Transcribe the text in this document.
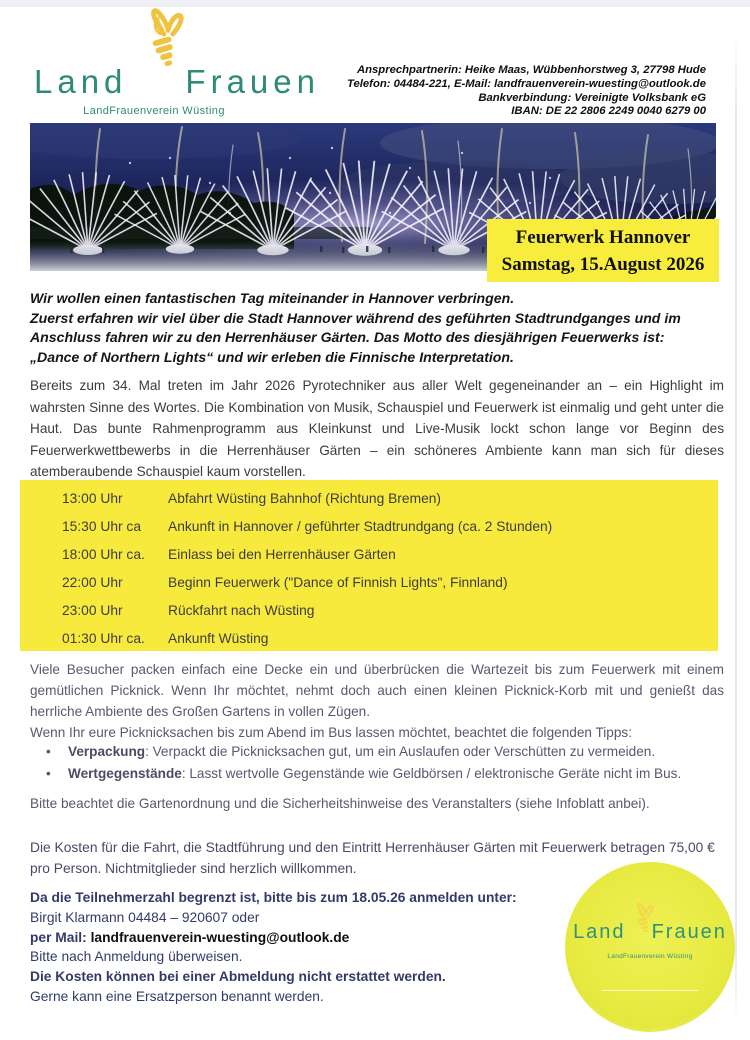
Land Frauen
LandFrauenverein Wüsting
Ansprechpartnerin: Heike Maas, Wübbenhorstweg 3, 27798 Hude
Telefon: 04484-221, E-Mail: landfrauenverein-wuesting@outlook.de
Bankverbindung: Vereinigte Volksbank eG
IBAN: DE 22 2806 2249 0040 6279 00
Feuerwerk Hannover
Samstag, 15.August 2026
Wir wollen einen fantastischen Tag miteinander in Hannover verbringen.
Zuerst erfahren wir viel über die Stadt Hannover während des geführten Stadtrundganges und im
Anschluss fahren wir zu den Herrenhäuser Gärten. Das Motto des diesjährigen Feuerwerks ist:
„Dance of Northern Lights“ und wir erleben die Finnische Interpretation.

Bereits zum 34. Mal treten im Jahr 2026 Pyrotechniker aus aller Welt gegeneinander an – ein Highlight im wahrsten Sinne des Wortes. Die Kombination von Musik, Schauspiel und Feuerwerk ist einmalig und geht unter die Haut. Das bunte Rahmenprogramm aus Kleinkunst und Live-Musik lockt schon lange vor Beginn des Feuerwerkwettbewerbs in die Herrenhäuser Gärten – ein schöneres Ambiente kann man sich für dieses atemberaubende Schauspiel kaum vorstellen.

13:00 Uhr	Abfahrt Wüsting Bahnhof (Richtung Bremen)
15:30 Uhr ca	Ankunft in Hannover / geführter Stadtrundgang (ca. 2 Stunden)
18:00 Uhr ca.	Einlass bei den Herrenhäuser Gärten
22:00 Uhr	Beginn Feuerwerk ("Dance of Finnish Lights", Finnland)
23:00 Uhr	Rückfahrt nach Wüsting
01:30 Uhr ca.	Ankunft Wüsting

Viele Besucher packen einfach eine Decke ein und überbrücken die Wartezeit bis zum Feuerwerk mit einem gemütlichen Picknick. Wenn Ihr möchtet, nehmt doch auch einen kleinen Picknick-Korb mit und genießt das herrliche Ambiente des Großen Gartens in vollen Zügen.

Wenn Ihr eure Picknicksachen bis zum Abend im Bus lassen möchtet, beachtet die folgenden Tipps:

•	Verpackung: Verpackt die Picknicksachen gut, um ein Auslaufen oder Verschütten zu vermeiden.
•	Wertgegenstände: Lasst wertvolle Gegenstände wie Geldbörsen / elektronische Geräte nicht im Bus.
Bitte beachtet die Gartenordnung und die Sicherheitshinweise des Veranstalters (siehe Infoblatt anbei).

Die Kosten für die Fahrt, die Stadtführung und den Eintritt Herrenhäuser Gärten mit Feuerwerk betragen 75,00 € pro Person. Nichtmitglieder sind herzlich willkommen.

Da die Teilnehmerzahl begrenzt ist, bitte bis zum 18.05.26 anmelden unter:
Birgit Klarmann 04484 – 920607 oder
per Mail: landfrauenverein-wuesting@outlook.de
Bitte nach Anmeldung überweisen.
Die Kosten können bei einer Abmeldung nicht erstattet werden.
Gerne kann eine Ersatzperson benannt werden.
Land Frauen
LandFrauenverein Wüsting
